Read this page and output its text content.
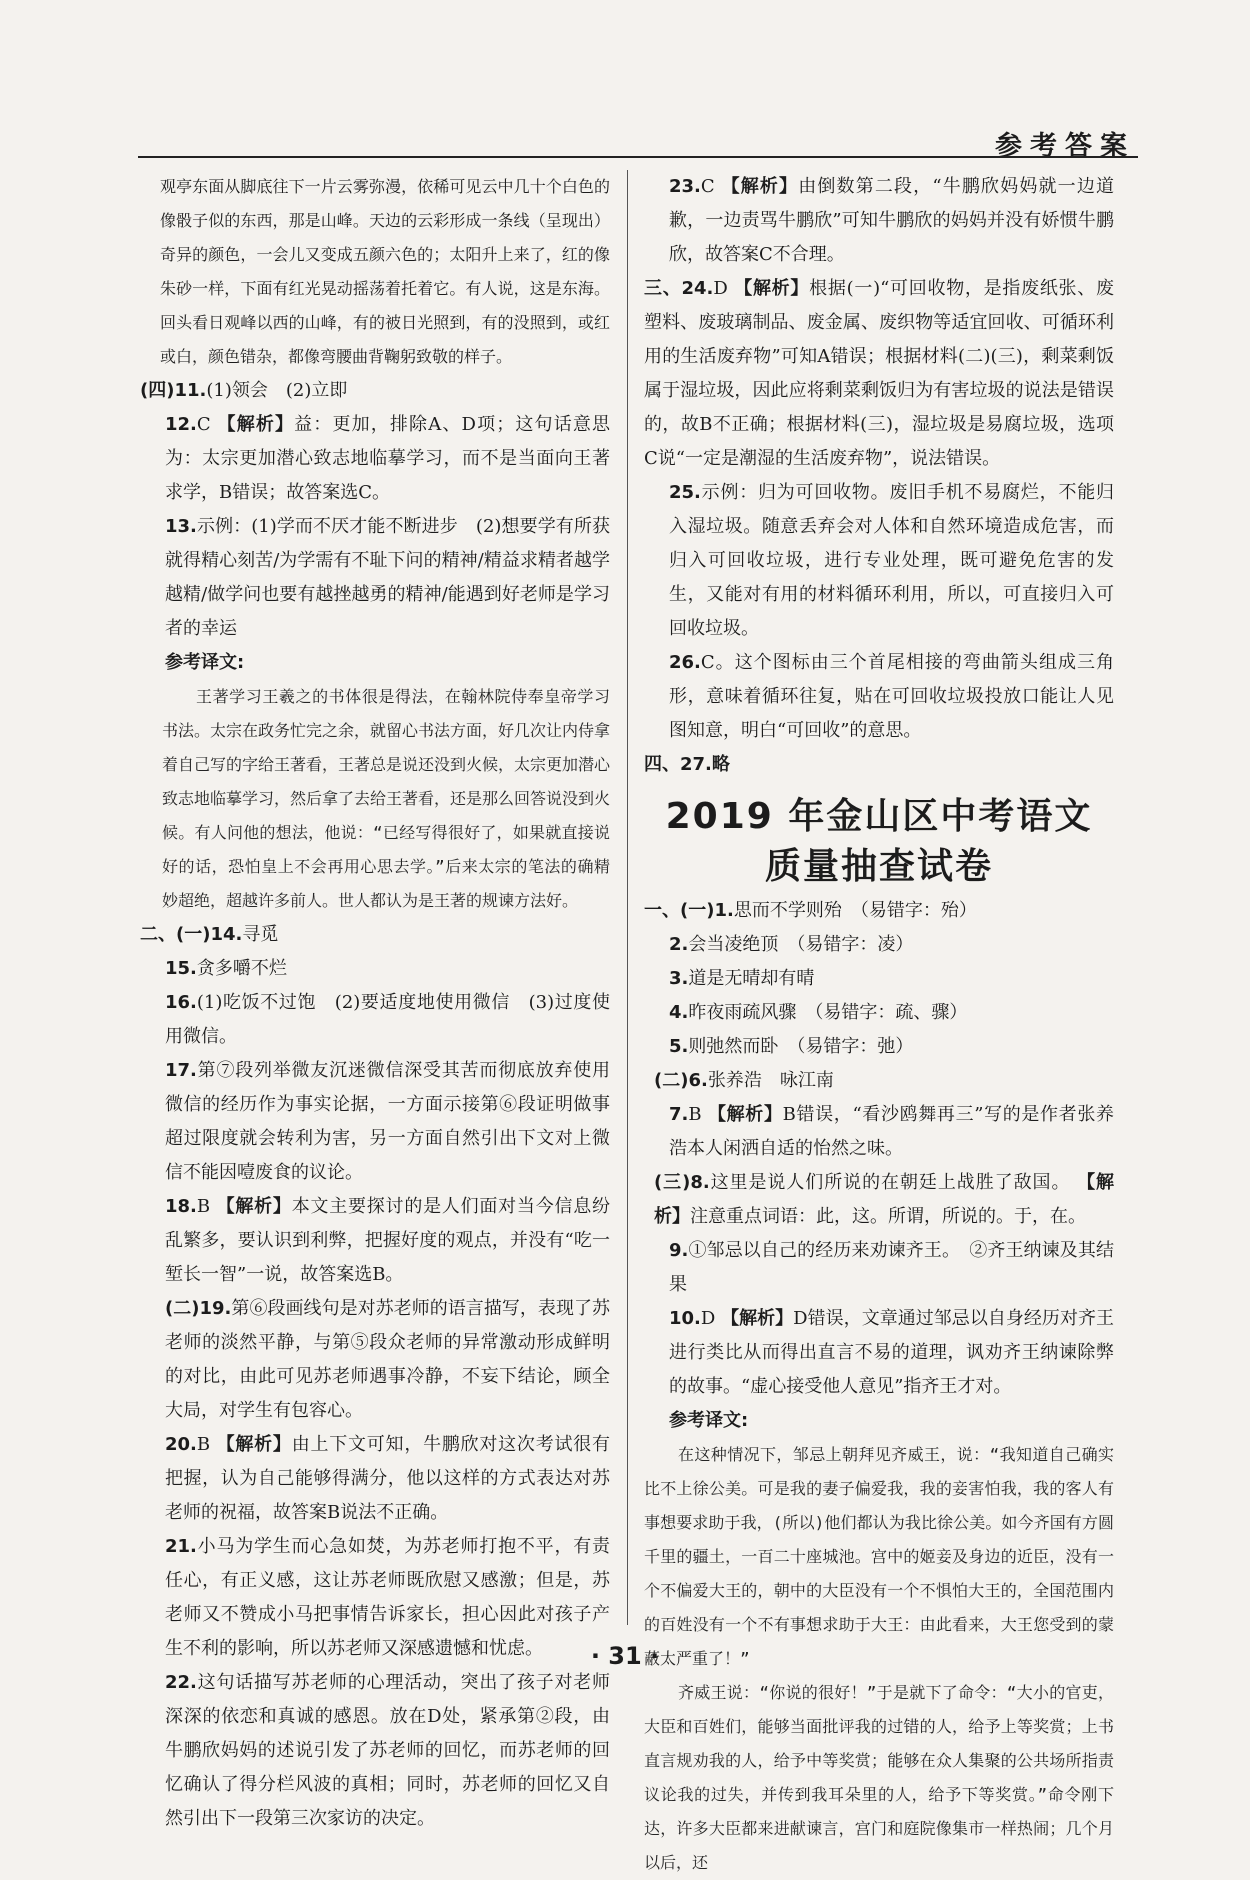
参考答案

观亭东面从脚底往下一片云雾弥漫，依稀可见云中几十个白色的像骰子似的东西，那是山峰。天边的云彩形成一条线（呈现出）奇异的颜色，一会儿又变成五颜六色的；太阳升上来了，红的像朱砂一样，下面有红光晃动摇荡着托着它。有人说，这是东海。回头看日观峰以西的山峰，有的被日光照到，有的没照到，或红或白，颜色错杂，都像弯腰曲背鞠躬致敬的样子。

(四)11.(1)领会　(2)立即

12.C 【解析】益：更加，排除A、D项；这句话意思为：太宗更加潜心致志地临摹学习，而不是当面向王著求学，B错误；故答案选C。

13.示例：(1)学而不厌才能不断进步　(2)想要学有所获就得精心刻苦/为学需有不耻下问的精神/精益求精者越学越精/做学问也要有越挫越勇的精神/能遇到好老师是学习者的幸运

参考译文:

王著学习王羲之的书体很是得法，在翰林院侍奉皇帝学习书法。太宗在政务忙完之余，就留心书法方面，好几次让内侍拿着自己写的字给王著看，王著总是说还没到火候，太宗更加潜心致志地临摹学习，然后拿了去给王著看，还是那么回答说没到火候。有人问他的想法，他说：“已经写得很好了，如果就直接说好的话，恐怕皇上不会再用心思去学。”后来太宗的笔法的确精妙超绝，超越许多前人。世人都认为是王著的规谏方法好。

二、(一)14.寻觅

15.贪多嚼不烂

16.(1)吃饭不过饱　(2)要适度地使用微信　(3)过度使用微信。

17.第⑦段列举微友沉迷微信深受其苦而彻底放弃使用微信的经历作为事实论据，一方面示接第⑥段证明做事超过限度就会转利为害，另一方面自然引出下文对上微信不能因噎废食的议论。

18.B 【解析】本文主要探讨的是人们面对当今信息纷乱繁多，要认识到利弊，把握好度的观点，并没有“吃一堑长一智”一说，故答案选B。

(二)19.第⑥段画线句是对苏老师的语言描写，表现了苏老师的淡然平静，与第⑤段众老师的异常激动形成鲜明的对比，由此可见苏老师遇事冷静，不妄下结论，顾全大局，对学生有包容心。

20.B 【解析】由上下文可知，牛鹏欣对这次考试很有把握，认为自己能够得满分，他以这样的方式表达对苏老师的祝福，故答案B说法不正确。

21.小马为学生而心急如焚，为苏老师打抱不平，有责任心，有正义感，这让苏老师既欣慰又感激；但是，苏老师又不赞成小马把事情告诉家长，担心因此对孩子产生不利的影响，所以苏老师又深感遗憾和忧虑。

22.这句话描写苏老师的心理活动，突出了孩子对老师深深的依恋和真诚的感恩。放在D处，紧承第②段，由牛鹏欣妈妈的述说引发了苏老师的回忆，而苏老师的回忆确认了得分栏风波的真相；同时，苏老师的回忆又自然引出下一段第三次家访的决定。

23.C 【解析】由倒数第二段，“牛鹏欣妈妈就一边道歉，一边责骂牛鹏欣”可知牛鹏欣的妈妈并没有娇惯牛鹏欣，故答案C不合理。

三、24.D 【解析】根据(一)“可回收物，是指废纸张、废塑料、废玻璃制品、废金属、废织物等适宜回收、可循环利用的生活废弃物”可知A错误；根据材料(二)(三)，剩菜剩饭属于湿垃圾，因此应将剩菜剩饭归为有害垃圾的说法是错误的，故B不正确；根据材料(三)，湿垃圾是易腐垃圾，选项C说“一定是潮湿的生活废弃物”，说法错误。

25.示例：归为可回收物。废旧手机不易腐烂，不能归入湿垃圾。随意丢弃会对人体和自然环境造成危害，而归入可回收垃圾，进行专业处理，既可避免危害的发生，又能对有用的材料循环利用，所以，可直接归入可回收垃圾。

26.C。这个图标由三个首尾相接的弯曲箭头组成三角形，意味着循环往复，贴在可回收垃圾投放口能让人见图知意，明白“可回收”的意思。

四、27.略

2019 年金山区中考语文
质量抽查试卷

一、(一)1.思而不学则殆　（易错字：殆）

2.会当凌绝顶　（易错字：凌）

3.道是无晴却有晴

4.昨夜雨疏风骤　（易错字：疏、骤）

5.则弛然而卧　（易错字：弛）

(二)6.张养浩　咏江南

7.B 【解析】B错误，“看沙鸥舞再三”写的是作者张养浩本人闲洒自适的怡然之味。

(三)8.这里是说人们所说的在朝廷上战胜了敌国。 【解析】注意重点词语：此，这。所谓，所说的。于，在。

9.①邹忌以自己的经历来劝谏齐王。　②齐王纳谏及其结果

10.D 【解析】D错误，文章通过邹忌以自身经历对齐王进行类比从而得出直言不易的道理，讽劝齐王纳谏除弊的故事。“虚心接受他人意见”指齐王才对。

参考译文:

在这种情况下，邹忌上朝拜见齐威王，说：“我知道自己确实比不上徐公美。可是我的妻子偏爱我，我的妾害怕我，我的客人有事想要求助于我，(所以)他们都认为我比徐公美。如今齐国有方圆千里的疆土，一百二十座城池。宫中的姬妾及身边的近臣，没有一个不偏爱大王的，朝中的大臣没有一个不惧怕大王的，全国范围内的百姓没有一个不有事想求助于大王：由此看来，大王您受到的蒙蔽太严重了！”

齐威王说：“你说的很好！”于是就下了命令：“大小的官吏，大臣和百姓们，能够当面批评我的过错的人，给予上等奖赏；上书直言规劝我的人，给予中等奖赏；能够在众人集聚的公共场所指责议论我的过失，并传到我耳朵里的人，给予下等奖赏。”命令刚下达，许多大臣都来进献谏言，宫门和庭院像集市一样热闹；几个月以后，还

· 31 ·
